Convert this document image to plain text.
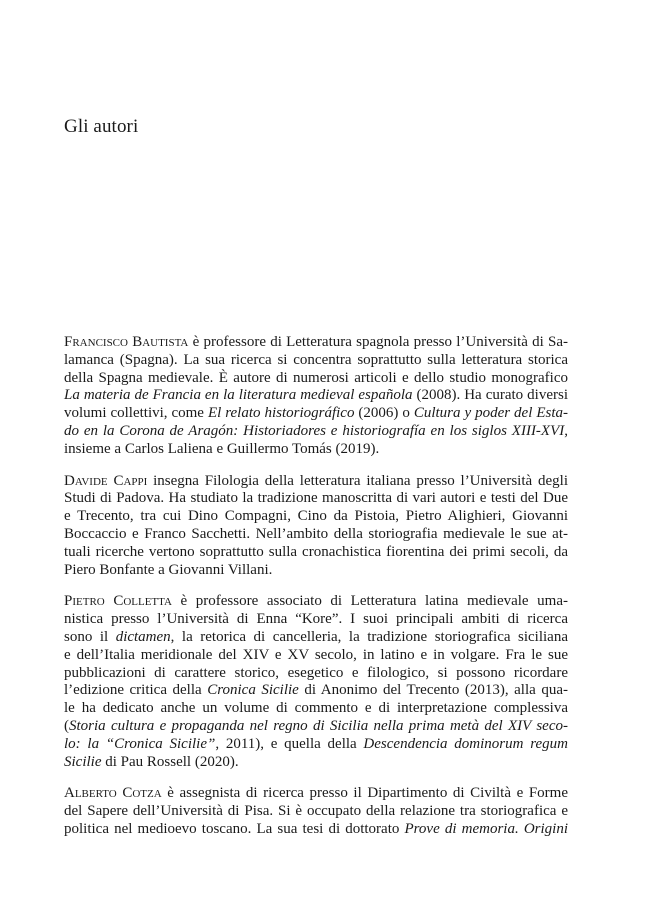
Gli autori

Francisco Bautista è professore di Letteratura spagnola presso l’Università di Sa-
lamanca (Spagna). La sua ricerca si concentra soprattutto sulla letteratura storica
della Spagna medievale. È autore di numerosi articoli e dello studio monografico
La materia de Francia en la literatura medieval española (2008). Ha curato diversi
volumi collettivi, come El relato historiográfico (2006) o Cultura y poder del Esta-
do en la Corona de Aragón: Historiadores e historiografía en los siglos XIII-XVI,
insieme a Carlos Laliena e Guillermo Tomás (2019).

Davide Cappi insegna Filologia della letteratura italiana presso l’Università degli
Studi di Padova. Ha studiato la tradizione manoscritta di vari autori e testi del Due
e Trecento, tra cui Dino Compagni, Cino da Pistoia, Pietro Alighieri, Giovanni
Boccaccio e Franco Sacchetti. Nell’ambito della storiografia medievale le sue at-
tuali ricerche vertono soprattutto sulla cronachistica fiorentina dei primi secoli, da
Piero Bonfante a Giovanni Villani.

Pietro Colletta è professore associato di Letteratura latina medievale uma-
nistica presso l’Università di Enna “Kore”. I suoi principali ambiti di ricerca
sono il dictamen, la retorica di cancelleria, la tradizione storiografica siciliana
e dell’Italia meridionale del XIV e XV secolo, in latino e in volgare. Fra le sue
pubblicazioni di carattere storico, esegetico e filologico, si possono ricordare
l’edizione critica della Cronica Sicilie di Anonimo del Trecento (2013), alla qua-
le ha dedicato anche un volume di commento e di interpretazione complessiva
(Storia cultura e propaganda nel regno di Sicilia nella prima metà del XIV seco-
lo: la “Cronica Sicilie”, 2011), e quella della Descendencia dominorum regum
Sicilie di Pau Rossell (2020).

Alberto Cotza è assegnista di ricerca presso il Dipartimento di Civiltà e Forme
del Sapere dell’Università di Pisa. Si è occupato della relazione tra storiografica e
politica nel medioevo toscano. La sua tesi di dottorato Prove di memoria. Origini
